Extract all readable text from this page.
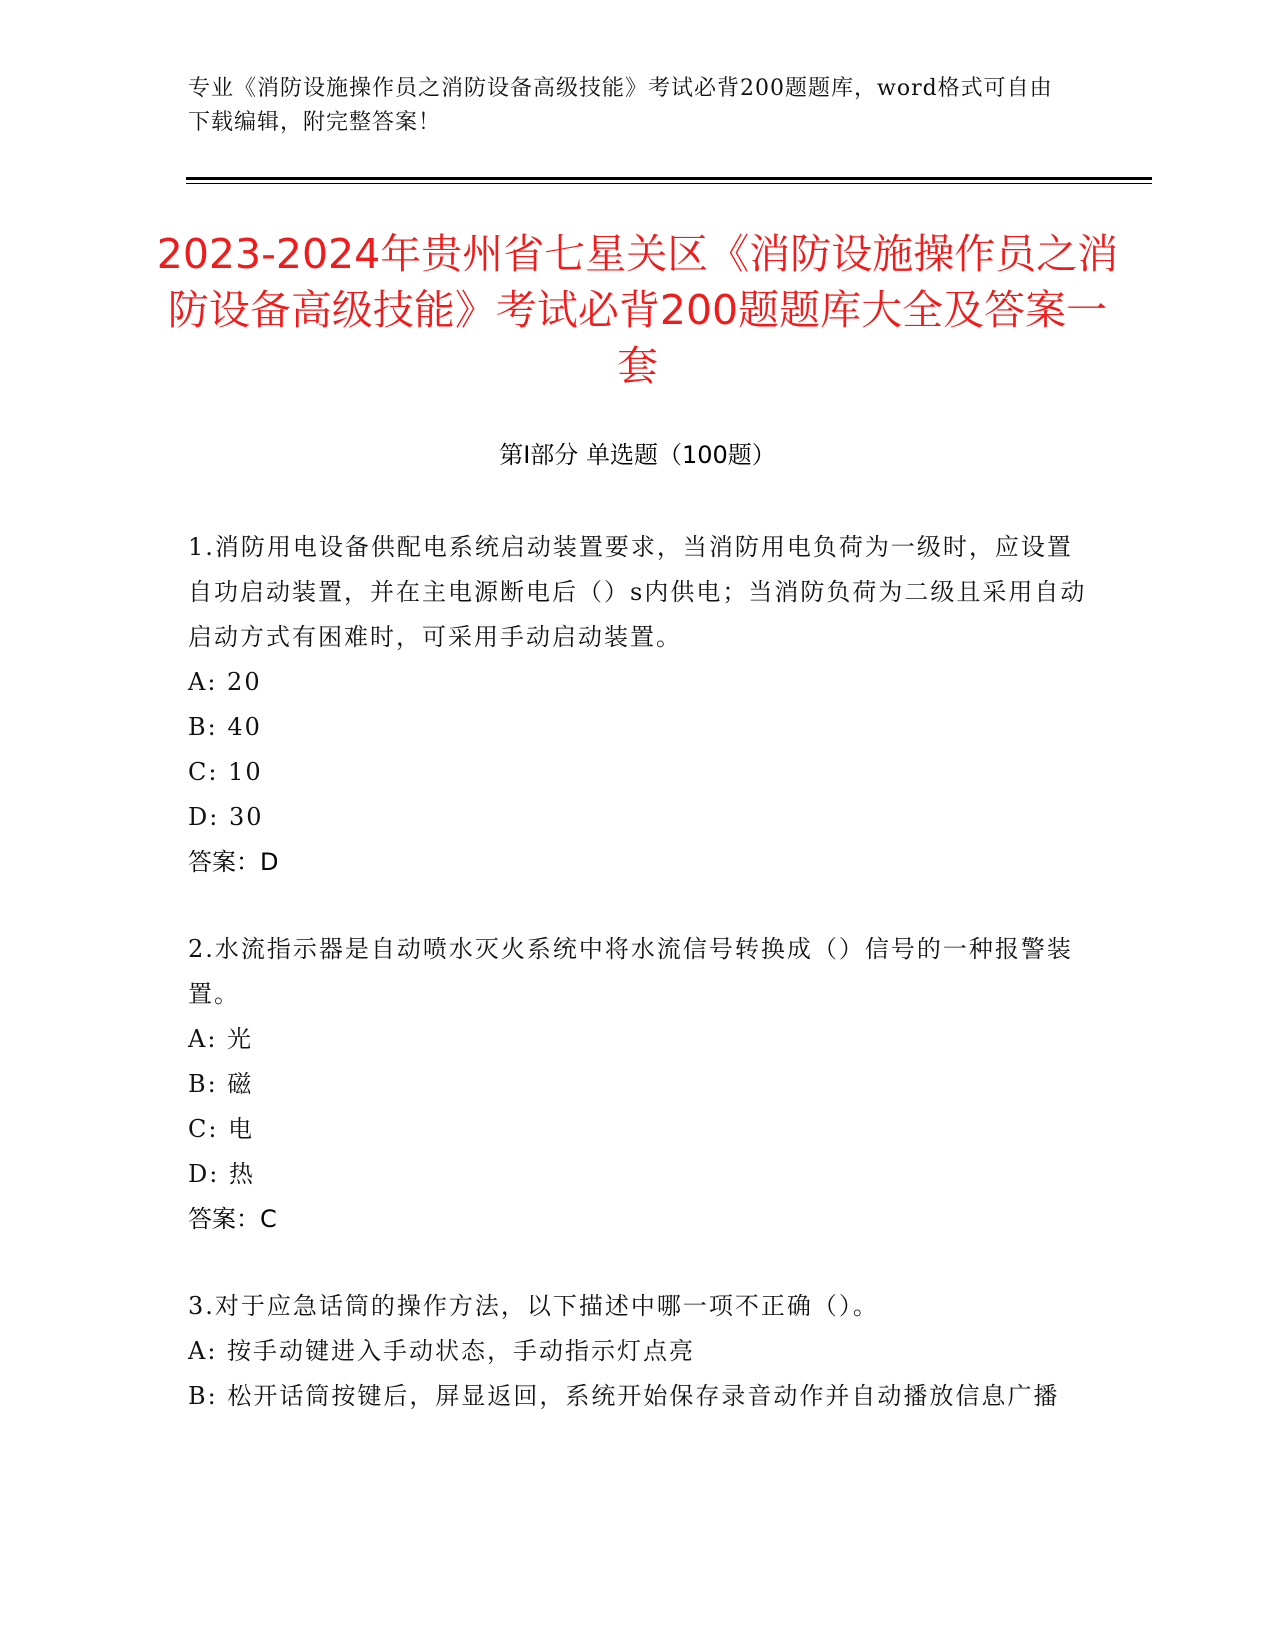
专业《消防设施操作员之消防设备高级技能》考试必背200题题库，word格式可自由下载编辑，附完整答案！
2023-2024年贵州省七星关区《消防设施操作员之消防设备高级技能》考试必背200题题库大全及答案一套
第I部分 单选题（100题）

1.消防用电设备供配电系统启动装置要求，当消防用电负荷为一级时，应设置自功启动装置，并在主电源断电后（）s内供电；当消防负荷为二级且采用自动启动方式有困难时，可采用手动启动装置。

A: 20

B: 40

C: 10

D: 30

答案：D

2.水流指示器是自动喷水灭火系统中将水流信号转换成（）信号的一种报警装置。

A: 光

B: 磁

C: 电

D: 热

答案：C

3.对于应急话筒的操作方法，以下描述中哪一项不正确（）。

A: 按手动键进入手动状态，手动指示灯点亮

B: 松开话筒按键后，屏显返回，系统开始保存录音动作并自动播放信息广播
